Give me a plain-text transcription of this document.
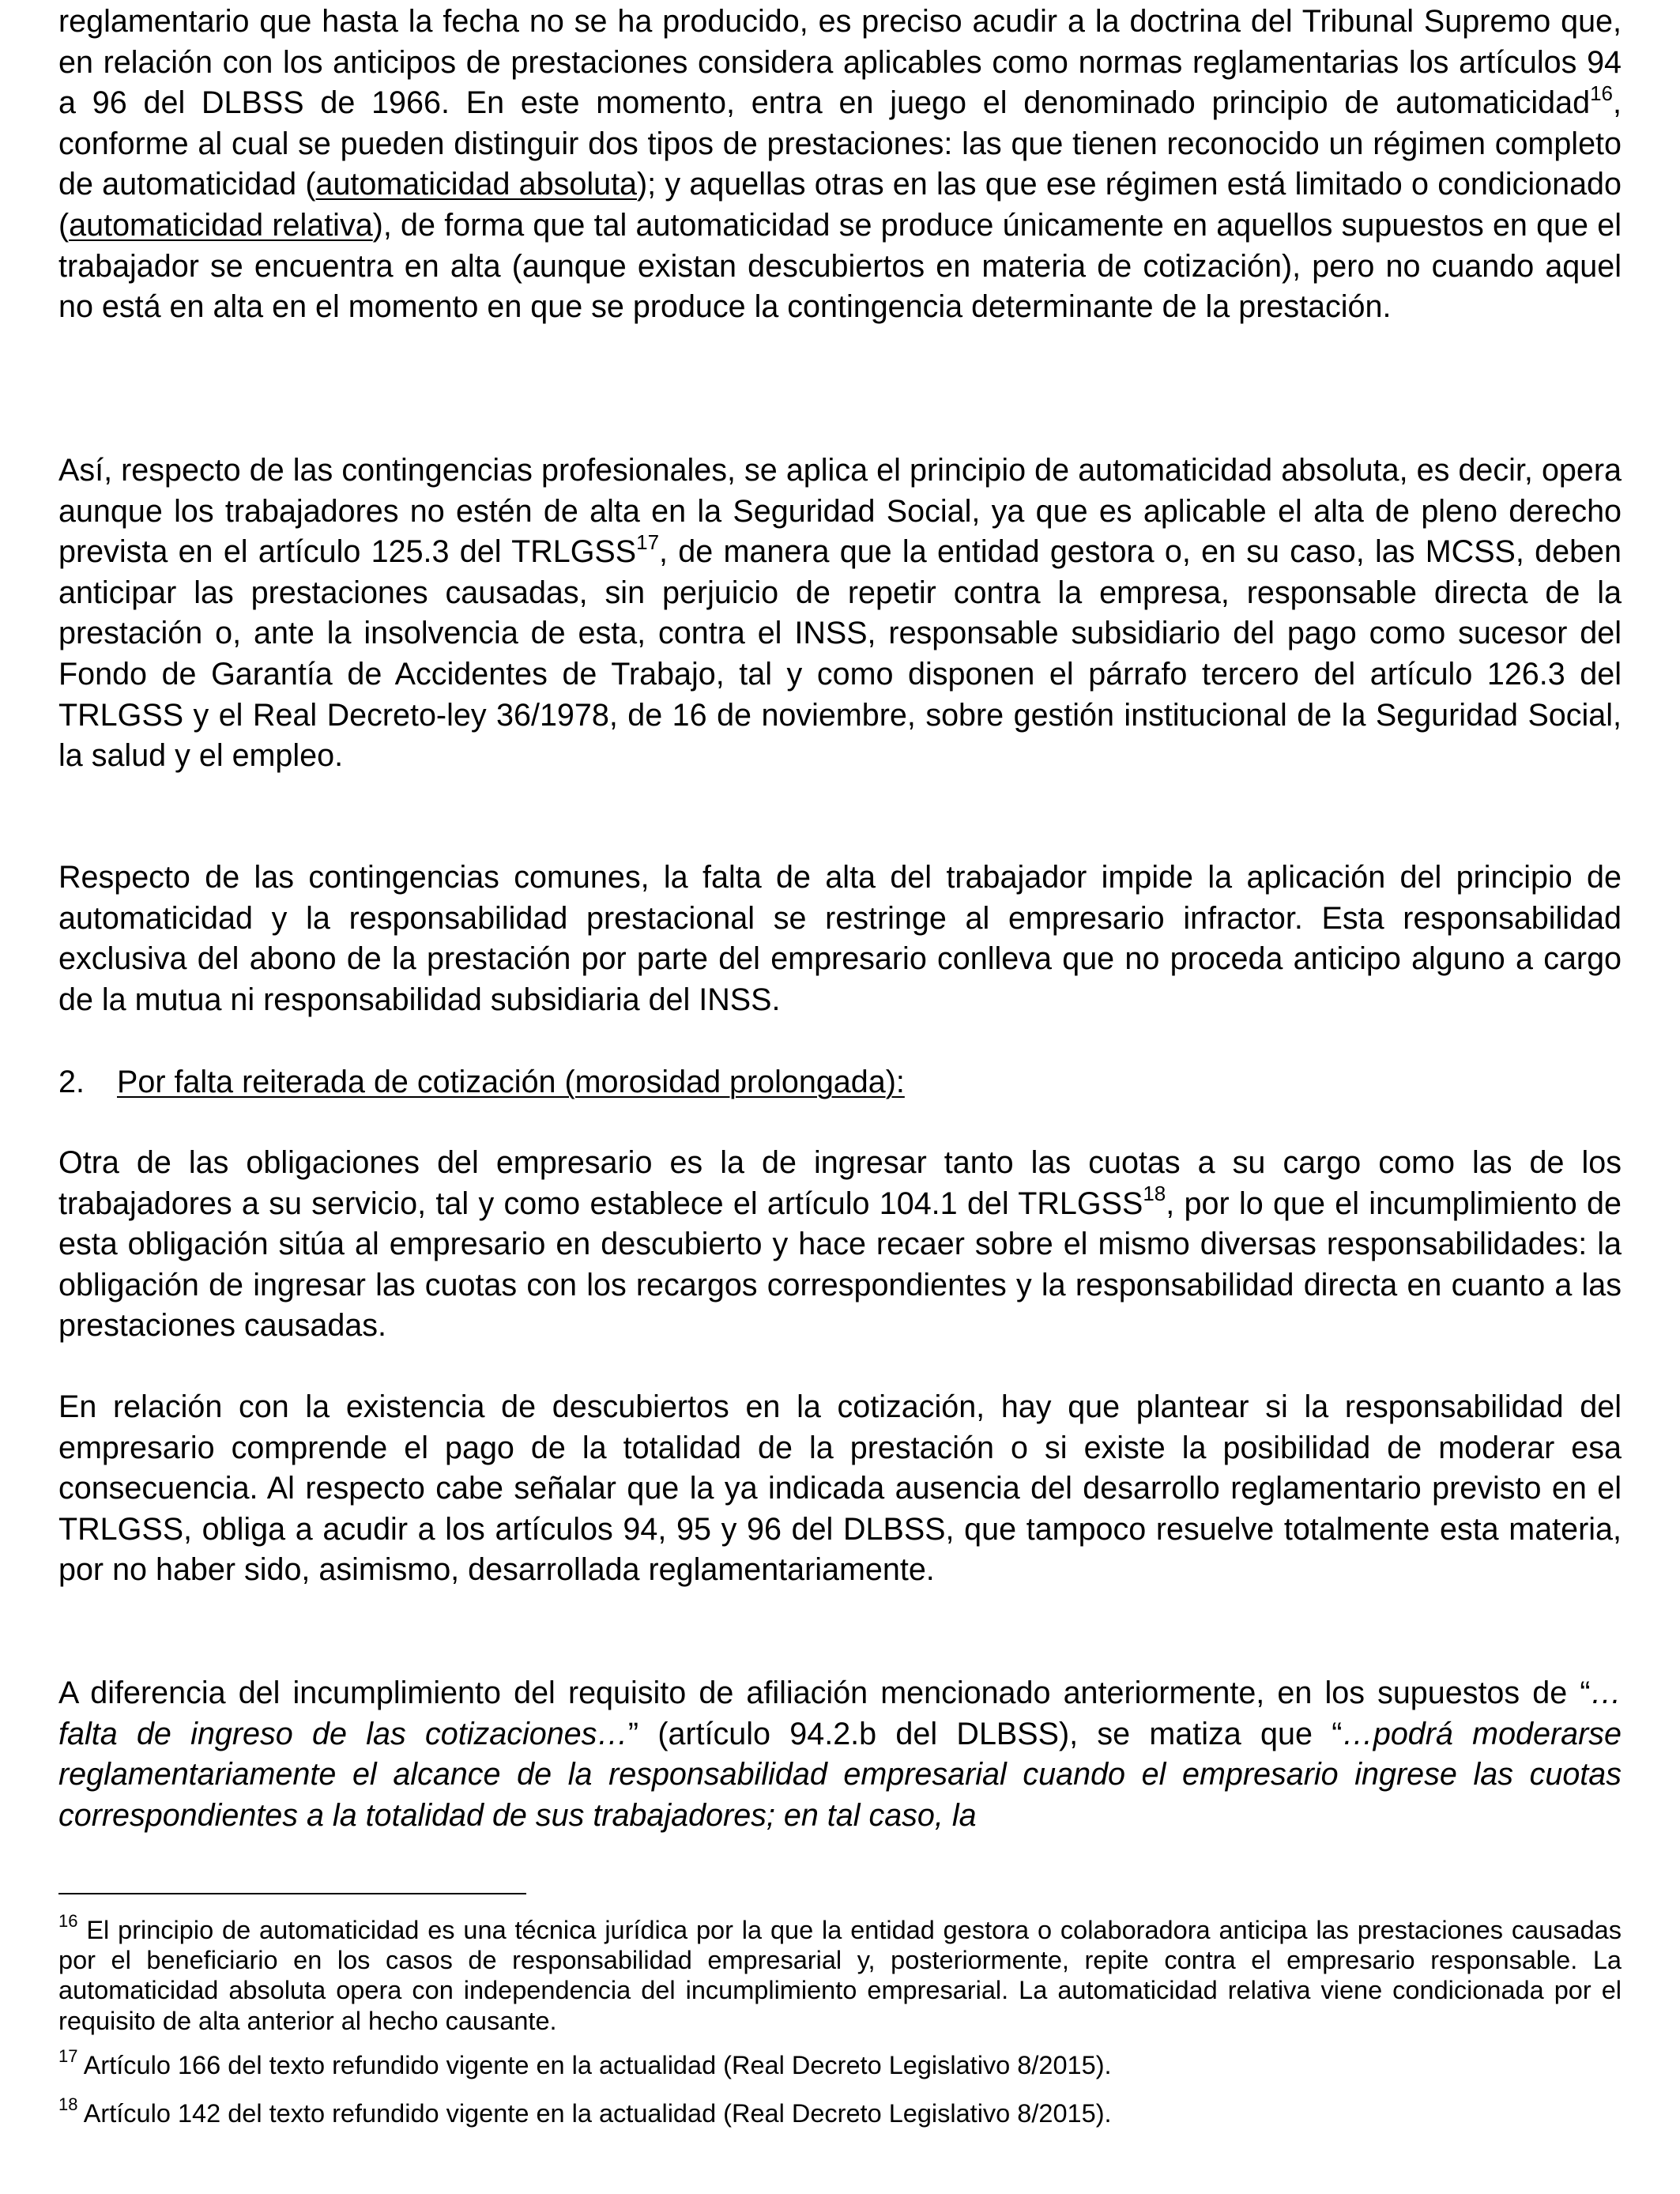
reglamentario que hasta la fecha no se ha producido, es preciso acudir a la doctrina del Tribunal Supremo que, en relación con los anticipos de prestaciones considera aplicables como normas reglamentarias los artículos 94 a 96 del DLBSS de 1966. En este momento, entra en juego el denominado principio de automaticidad$^{16}$, conforme al cual se pueden distinguir dos tipos de prestaciones: las que tienen reconocido un régimen completo de automaticidad (automaticidad absoluta); y aquellas otras en las que ese régimen está limitado o condicionado (automaticidad relativa), de forma que tal automaticidad se produce únicamente en aquellos supuestos en que el trabajador se encuentra en alta (aunque existan descubiertos en materia de cotización), pero no cuando aquel no está en alta en el momento en que se produce la contingencia determinante de la prestación.

Así, respecto de las contingencias profesionales, se aplica el principio de automaticidad absoluta, es decir, opera aunque los trabajadores no estén de alta en la Seguridad Social, ya que es aplicable el alta de pleno derecho prevista en el artículo 125.3 del TRLGSS$^{17}$, de manera que la entidad gestora o, en su caso, las MCSS, deben anticipar las prestaciones causadas, sin perjuicio de repetir contra la empresa, responsable directa de la prestación o, ante la insolvencia de esta, contra el INSS, responsable subsidiario del pago como sucesor del Fondo de Garantía de Accidentes de Trabajo, tal y como disponen el párrafo tercero del artículo 126.3 del TRLGSS y el Real Decreto-ley 36/1978, de 16 de noviembre, sobre gestión institucional de la Seguridad Social, la salud y el empleo.

Respecto de las contingencias comunes, la falta de alta del trabajador impide la aplicación del principio de automaticidad y la responsabilidad prestacional se restringe al empresario infractor. Esta responsabilidad exclusiva del abono de la prestación por parte del empresario conlleva que no proceda anticipo alguno a cargo de la mutua ni responsabilidad subsidiaria del INSS.

2. Por falta reiterada de cotización (morosidad prolongada):

Otra de las obligaciones del empresario es la de ingresar tanto las cuotas a su cargo como las de los trabajadores a su servicio, tal y como establece el artículo 104.1 del TRLGSS$^{18}$, por lo que el incumplimiento de esta obligación sitúa al empresario en descubierto y hace recaer sobre el mismo diversas responsabilidades: la obligación de ingresar las cuotas con los recargos correspondientes y la responsabilidad directa en cuanto a las prestaciones causadas.

En relación con la existencia de descubiertos en la cotización, hay que plantear si la responsabilidad del empresario comprende el pago de la totalidad de la prestación o si existe la posibilidad de moderar esa consecuencia. Al respecto cabe señalar que la ya indicada ausencia del desarrollo reglamentario previsto en el TRLGSS, obliga a acudir a los artículos 94, 95 y 96 del DLBSS, que tampoco resuelve totalmente esta materia, por no haber sido, asimismo, desarrollada reglamentariamente.

A diferencia del incumplimiento del requisito de afiliación mencionado anteriormente, en los supuestos de “…falta de ingreso de las cotizaciones…” (artículo 94.2.b del DLBSS), se matiza que “…podrá moderarse reglamentariamente el alcance de la responsabilidad empresarial cuando el empresario ingrese las cuotas correspondientes a la totalidad de sus trabajadores; en tal caso, la

$^{16}$ El principio de automaticidad es una técnica jurídica por la que la entidad gestora o colaboradora anticipa las prestaciones causadas por el beneficiario en los casos de responsabilidad empresarial y, posteriormente, repite contra el empresario responsable. La automaticidad absoluta opera con independencia del incumplimiento empresarial. La automaticidad relativa viene condicionada por el requisito de alta anterior al hecho causante.

$^{17}$ Artículo 166 del texto refundido vigente en la actualidad (Real Decreto Legislativo 8/2015).

$^{18}$ Artículo 142 del texto refundido vigente en la actualidad (Real Decreto Legislativo 8/2015).
